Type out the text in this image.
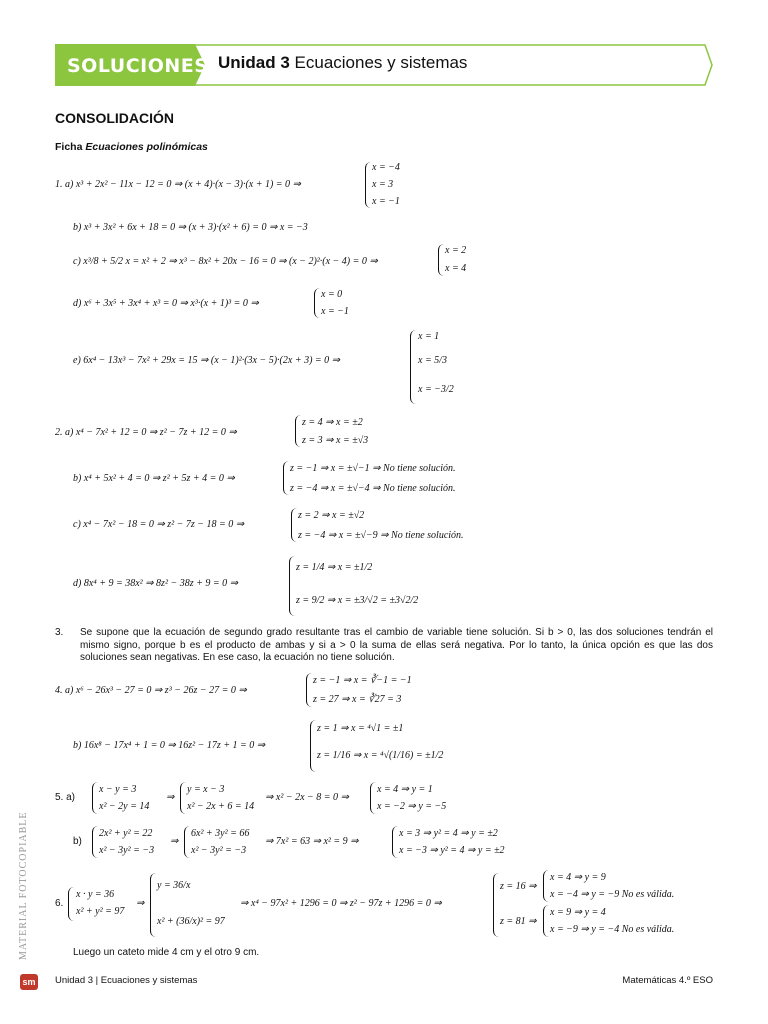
SOLUCIONES Unidad 3 Ecuaciones y sistemas
CONSOLIDACIÓN
Ficha Ecuaciones polinómicas
1. a) x³ + 2x² − 11x − 12 = 0 ⇒ (x + 4)·(x − 3)·(x + 1) = 0 ⇒
x = −4
x = 3
x = −1
b) x³ + 3x² + 6x + 18 = 0 ⇒ (x + 3)·(x² + 6) = 0 ⇒ x = −3
c) x³/8 + 5/2 x = x² + 2 ⇒ x³ − 8x² + 20x − 16 = 0 ⇒ (x − 2)²·(x − 4) = 0 ⇒
x = 2
x = 4
d) x⁶ + 3x⁵ + 3x⁴ + x³ = 0 ⇒ x³·(x + 1)³ = 0 ⇒
x = 0
x = −1
e) 6x⁴ − 13x³ − 7x² + 29x = 15 ⇒ (x − 1)²·(3x − 5)·(2x + 3) = 0 ⇒
x = 1
x = 5/3
x = −3/2
2. a) x⁴ − 7x² + 12 = 0 ⇒ z² − 7z + 12 = 0 ⇒
z = 4 ⇒ x = ±2
z = 3 ⇒ x = ±√3
b) x⁴ + 5x² + 4 = 0 ⇒ z² + 5z + 4 = 0 ⇒
z = −1 ⇒ x = ±√−1 ⇒ No tiene solución.
z = −4 ⇒ x = ±√−4 ⇒ No tiene solución.
c) x⁴ − 7x² − 18 = 0 ⇒ z² − 7z − 18 = 0 ⇒
z = 2 ⇒ x = ±√2
z = −4 ⇒ x = ±√−9 ⇒ No tiene solución.
d) 8x⁴ + 9 = 38x² ⇒ 8z² − 38z + 9 = 0 ⇒
z = 1/4 ⇒ x = ±1/2
z = 9/2 ⇒ x = ±3/√2 = ±3√2/2
3. Se supone que la ecuación de segundo grado resultante tras el cambio de variable tiene solución. Si b > 0, las dos soluciones tendrán el mismo signo, porque b es el producto de ambas y si a > 0 la suma de ellas será negativa. Por lo tanto, la única opción es que las dos soluciones sean negativas. En ese caso, la ecuación no tiene solución.
4. a) x⁶ − 26x³ − 27 = 0 ⇒ z³ − 26z − 27 = 0 ⇒
z = −1 ⇒ x = ∛−1 = −1
z = 27 ⇒ x = ∛27 = 3
b) 16x⁸ − 17x⁴ + 1 = 0 ⇒ 16z² − 17z + 1 = 0 ⇒
z = 1 ⇒ x = ⁴√1 = ±1
z = 1/16 ⇒ x = ⁴√(1/16) = ±1/2
5. a)
x − y = 3
x² − 2y = 14
⇒
y = x − 3
x² − 2x + 6 = 14
⇒ x² − 2x − 8 = 0 ⇒
x = 4 ⇒ y = 1
x = −2 ⇒ y = −5
b)
2x² + y² = 22
x² − 3y² = −3
⇒
6x² + 3y² = 66
x² − 3y² = −3
⇒ 7x² = 63 ⇒ x² = 9 ⇒
x = 3 ⇒ y² = 4 ⇒ y = ±2
x = −3 ⇒ y² = 4 ⇒ y = ±2
6.
x · y = 36
x² + y² = 97
⇒
y = 36/x
x² + (36/x)² = 97
⇒ x⁴ − 97x² + 1296 = 0 ⇒ z² − 97z + 1296 = 0 ⇒
z = 16 ⇒
z = 81 ⇒
x = 4 ⇒ y = 9
x = −4 ⇒ y = −9 No es válida.
x = 9 ⇒ y = 4
x = −9 ⇒ y = −4 No es válida.
Luego un cateto mide 4 cm y el otro 9 cm.
MATERIAL FOTOCOPIABLE
sm Unidad 3 | Ecuaciones y sistemas	Matemáticas 4.º ESO
